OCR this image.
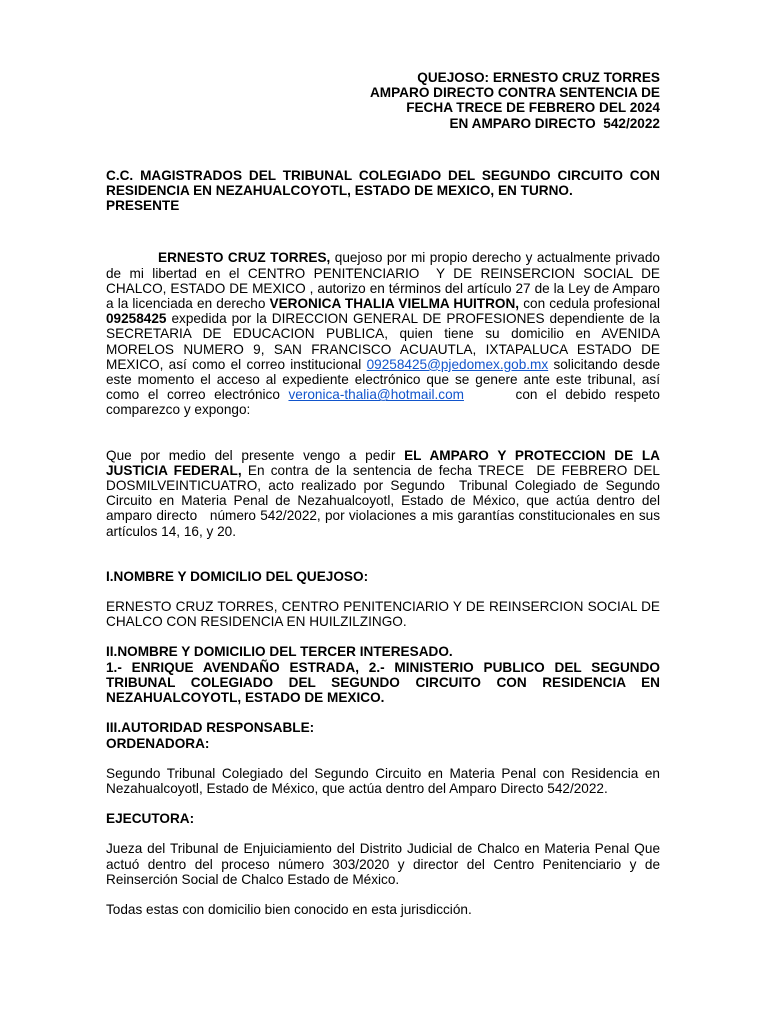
QUEJOSO: ERNESTO CRUZ TORRES

AMPARO DIRECTO CONTRA SENTENCIA DE

FECHA TRECE DE FEBRERO DEL 2024

EN AMPARO DIRECTO  542/2022

C.C. MAGISTRADOS DEL TRIBUNAL COLEGIADO DEL SEGUNDO CIRCUITO CON RESIDENCIA EN NEZAHUALCOYOTL, ESTADO DE MEXICO, EN TURNO.

PRESENTE

ERNESTO CRUZ TORRES, quejoso por mi propio derecho y actualmente privado de mi libertad en el CENTRO PENITENCIARIO  Y DE REINSERCION SOCIAL DE CHALCO, ESTADO DE MEXICO , autorizo en términos del artículo 27 de la Ley de Amparo a la licenciada en derecho VERONICA THALIA VIELMA HUITRON, con cedula profesional 09258425 expedida por la DIRECCION GENERAL DE PROFESIONES dependiente de la SECRETARIA DE EDUCACION PUBLICA, quien tiene su domicilio en AVENIDA  MORELOS NUMERO 9, SAN FRANCISCO ACUAUTLA, IXTAPALUCA ESTADO DE MEXICO, así como el correo institucional 09258425@pjedomex.gob.mx solicitando desde este momento el acceso al expediente electrónico que se genere ante este tribunal, así como el correo electrónico veronica-thalia@hotmail.com      con el debido respeto comparezco y expongo:

Que por medio del presente vengo a pedir EL AMPARO Y PROTECCION DE LA JUSTICIA FEDERAL, En contra de la sentencia de fecha TRECE  DE FEBRERO DEL DOSMILVEINTICUATRO, acto realizado por Segundo  Tribunal Colegiado de Segundo Circuito en Materia Penal de Nezahualcoyotl, Estado de México, que actúa dentro del amparo directo   número 542/2022, por violaciones a mis garantías constitucionales en sus artículos 14, 16, y 20.

I.NOMBRE Y DOMICILIO DEL QUEJOSO:

ERNESTO CRUZ TORRES, CENTRO PENITENCIARIO Y DE REINSERCION SOCIAL DE CHALCO CON RESIDENCIA EN HUILZILZINGO.

II.NOMBRE Y DOMICILIO DEL TERCER INTERESADO.

1.- ENRIQUE AVENDAÑO ESTRADA, 2.- MINISTERIO PUBLICO DEL SEGUNDO TRIBUNAL COLEGIADO DEL SEGUNDO CIRCUITO CON RESIDENCIA EN NEZAHUALCOYOTL, ESTADO DE MEXICO.

III.AUTORIDAD RESPONSABLE:

ORDENADORA:

Segundo Tribunal Colegiado del Segundo Circuito en Materia Penal con Residencia en Nezahualcoyotl, Estado de México, que actúa dentro del Amparo Directo 542/2022.

EJECUTORA:

Jueza del Tribunal de Enjuiciamiento del Distrito Judicial de Chalco en Materia Penal Que actuó dentro del proceso número 303/2020 y director del Centro Penitenciario y de Reinserción Social de Chalco Estado de México.

Todas estas con domicilio bien conocido en esta jurisdicción.
